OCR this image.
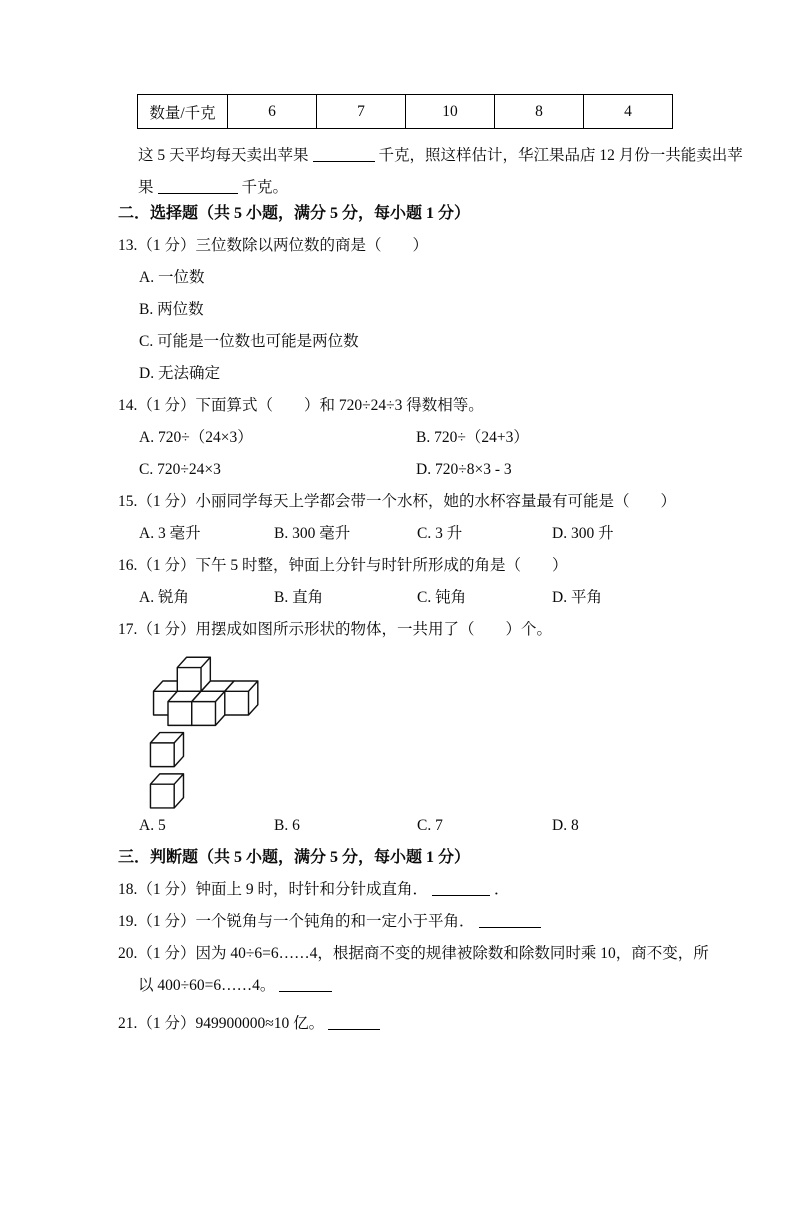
数量/千克	6	7	10	8	4

这 5 天平均每天卖出苹果	千克，照这样估计，华江果品店 12 月份一共能卖出苹
果	千克。

二．选择题（共 5 小题，满分 5 分，每小题 1 分）

13.（1 分）三位数除以两位数的商是（　　）

A. 一位数

B. 两位数

C. 可能是一位数也可能是两位数

D. 无法确定

14.（1 分）下面算式（　　）和 720÷24÷3 得数相等。

A. 720÷（24×3）	B. 720÷（24+3）

C. 720÷24×3	D. 720÷8×3 - 3

15.（1 分）小丽同学每天上学都会带一个水杯，她的水杯容量最有可能是（　　）

A. 3 毫升	B. 300 毫升	C. 3 升	D. 300 升

16.（1 分）下午 5 时整，钟面上分针与时针所形成的角是（　　）

A. 锐角	B. 直角	C. 钝角	D. 平角

17.（1 分）用摆成如图所示形状的物体，一共用了（　　）个。

A. 5	B. 6	C. 7	D. 8

三．判断题（共 5 小题，满分 5 分，每小题 1 分）

18.（1 分）钟面上 9 时，时针和分针成直角．	．

19.（1 分）一个锐角与一个钝角的和一定小于平角．

20.（1 分）因为 40÷6=6……4，根据商不变的规律被除数和除数同时乘 10，商不变，所

以 400÷60=6……4。

21.（1 分）949900000≈10 亿。
